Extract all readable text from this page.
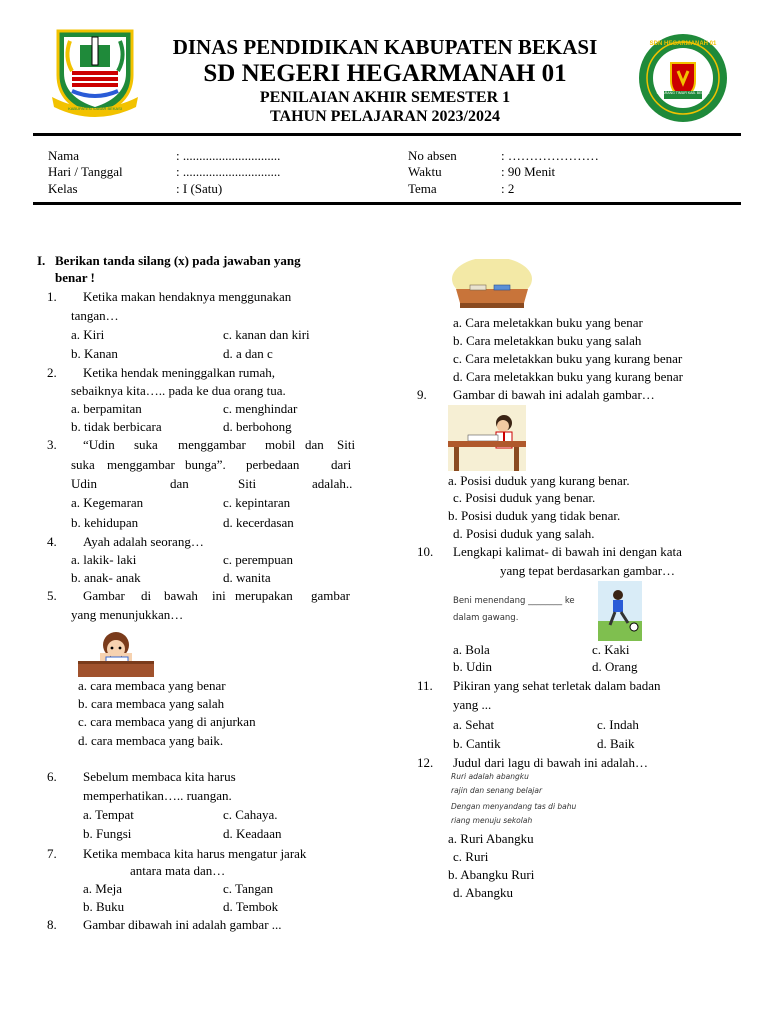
KABUPATEN SABAR BEKASI
DINAS PENDIDIKAN KABUPATEN BEKASI
SD NEGERI HEGARMANAH 01
PENILAIAN AKHIR SEMESTER 1
TAHUN PELAJARAN 2023/2024
SDN HEGARMANAH 01
CIKARANG TIMUR KAB. BEKASI
Nama	: ..............................
Hari / Tanggal	: ..............................
Kelas	: I (Satu)
No absen	: …………………
Waktu	: 90 Menit
Tema	: 2
I. Berikan tanda silang (x) pada jawaban yang
benar !
1. Ketika makan hendaknya menggunakan
tangan…
a. Kiri	c. kanan dan kiri
b. Kanan	d. a dan c
2. Ketika hendak meninggalkan rumah,
sebaiknya kita….. pada ke dua orang tua.
a. berpamitan	c. menghindar
b. tidak berbicara	d. berbohong
3. “Udin suka menggambar mobil dan Siti
suka menggambar bunga”. perbedaan dari
Udin	dan	Siti	adalah..
a. Kegemaran	c. kepintaran
b. kehidupan	d. kecerdasan
4. Ayah adalah seorang…
a. lakik- laki	c. perempuan
b. anak- anak	d. wanita
5. Gambar di bawah ini merupakan gambar
yang menunjukkan…
a. cara membaca yang benar
b. cara membaca yang salah
c. cara membaca yang di anjurkan
d. cara membaca yang baik.
6. Sebelum membaca kita harus
memperhatikan….. ruangan.
a. Tempat	c. Cahaya.
b. Fungsi	d. Keadaan
7. Ketika membaca kita harus mengatur jarak
antara mata dan…
a. Meja	c. Tangan
b. Buku	d. Tembok
8. Gambar dibawah ini adalah gambar ...
a. Cara meletakkan buku yang benar
b. Cara meletakkan buku yang salah
c. Cara meletakkan buku yang kurang benar
d. Cara meletakkan buku yang kurang benar
9. Gambar di bawah ini adalah gambar…
a. Posisi duduk yang kurang benar.
c. Posisi duduk yang benar.
b. Posisi duduk yang tidak benar.
d. Posisi duduk yang salah.
10. Lengkapi kalimat- di bawah ini dengan kata
yang tepat berdasarkan gambar…
Beni menendang ________ ke
dalam gawang.
a. Bola	c. Kaki
b. Udin	d. Orang
11. Pikiran yang sehat terletak dalam badan
yang ...
a. Sehat	c. Indah
b. Cantik	d. Baik
12. Judul dari lagu di bawah ini adalah…
Ruri adalah abangku
rajin dan senang belajar
Dengan menyandang tas di bahu
riang menuju sekolah
a. Ruri Abangku
c. Ruri
b. Abangku Ruri
d. Abangku
